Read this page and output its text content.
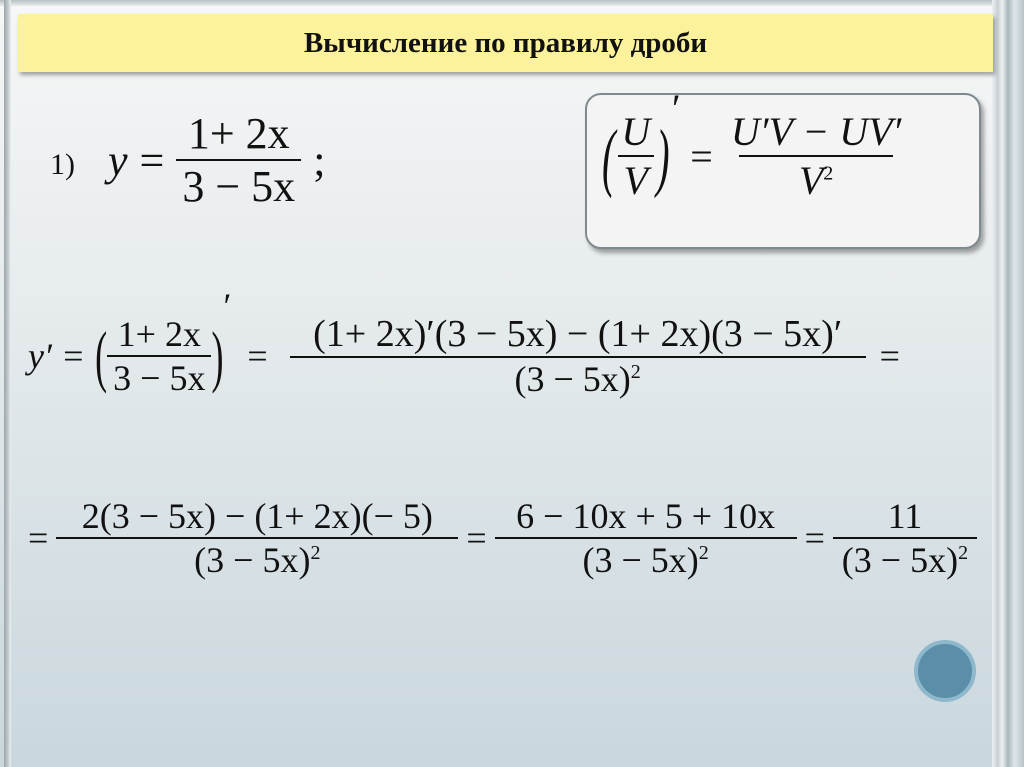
Вычисление по правилу дроби
1) $y = \frac{1+ 2x}{3 - 5x}$ ;	( $\frac{U}{V}$ )
′
= $\frac{U'V - UV'}{V^2}$
y′ = ( $\frac{1+ 2x}{3 - 5x}$ )
′
= $\frac{(1+ 2x)'(3 - 5x) - (1+ 2x)(3 - 5x)'}{(3 - 5x)^2}$ =
= $\frac{2(3 - 5x) - (1+ 2x)(- 5)}{(3 - 5x)^2} = \frac{6 - 10x + 5 + 10x}{(3 - 5x)^2} = \frac{11}{(3 - 5x)^2}$
